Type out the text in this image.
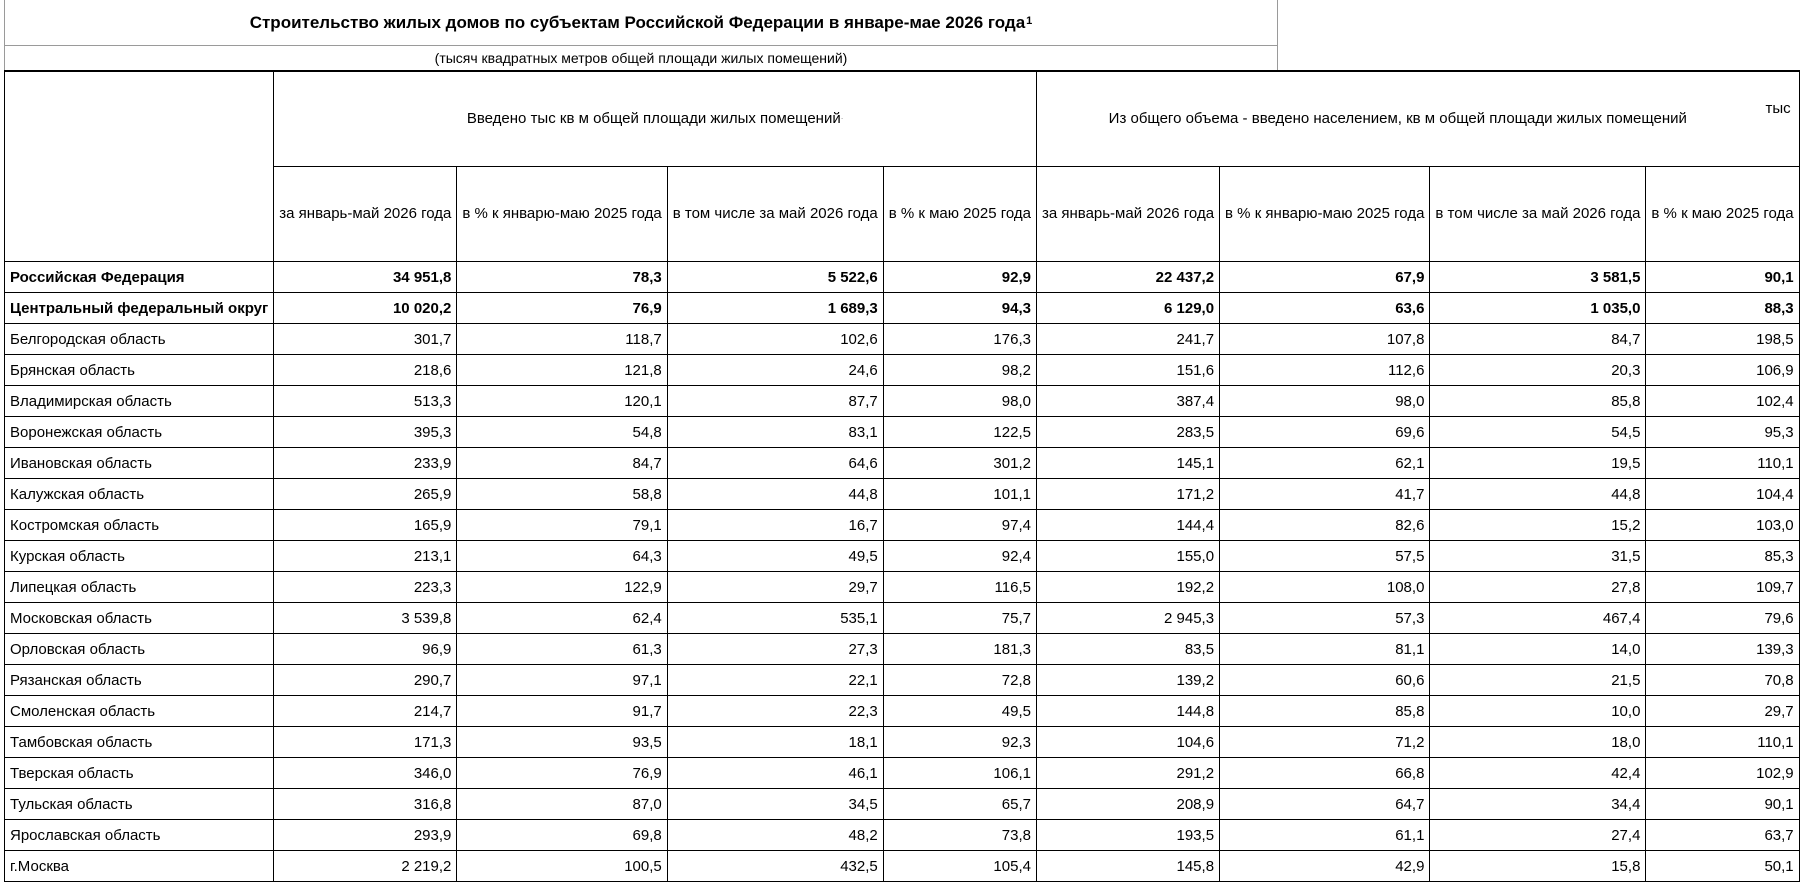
Строительство жилых домов по субъектам Российской Федерации в январе-мае 2026 года$^1$
(тысяч квадратных метров общей площади жилых помещений)
	Введено тыс кв м общей площади жилых помещений·				Из общего объема - введено населением, кв м общей площади жилых помещений
тыс			

	за январь-май 2026 года	в % к январю-маю 2025 года	в том числе за май 2026 года	в % к маю 2025 года	за январь-май 2026 года	в % к январю-маю 2025 года	в том числе за май 2026 года	в % к маю 2025 года
Российская Федерация	34 951,8	78,3	5 522,6	92,9	22 437,2	67,9	3 581,5	90,1
Центральный федеральный округ	10 020,2	76,9	1 689,3	94,3	6 129,0	63,6	1 035,0	88,3
Белгородская область	301,7	118,7	102,6	176,3	241,7	107,8	84,7	198,5
Брянская область	218,6	121,8	24,6	98,2	151,6	112,6	20,3	106,9
Владимирская область	513,3	120,1	87,7	98,0	387,4	98,0	85,8	102,4
Воронежская область	395,3	54,8	83,1	122,5	283,5	69,6	54,5	95,3
Ивановская область	233,9	84,7	64,6	301,2	145,1	62,1	19,5	110,1
Калужская область	265,9	58,8	44,8	101,1	171,2	41,7	44,8	104,4
Костромская область	165,9	79,1	16,7	97,4	144,4	82,6	15,2	103,0
Курская область	213,1	64,3	49,5	92,4	155,0	57,5	31,5	85,3
Липецкая область	223,3	122,9	29,7	116,5	192,2	108,0	27,8	109,7
Московская область	3 539,8	62,4	535,1	75,7	2 945,3	57,3	467,4	79,6
Орловская область	96,9	61,3	27,3	181,3	83,5	81,1	14,0	139,3
Рязанская область	290,7	97,1	22,1	72,8	139,2	60,6	21,5	70,8
Смоленская область	214,7	91,7	22,3	49,5	144,8	85,8	10,0	29,7
Тамбовская область	171,3	93,5	18,1	92,3	104,6	71,2	18,0	110,1
Тверская область	346,0	76,9	46,1	106,1	291,2	66,8	42,4	102,9
Тульская область	316,8	87,0	34,5	65,7	208,9	64,7	34,4	90,1
Ярославская область	293,9	69,8	48,2	73,8	193,5	61,1	27,4	63,7
г.Москва	2 219,2	100,5	432,5	105,4	145,8	42,9	15,8	50,1
